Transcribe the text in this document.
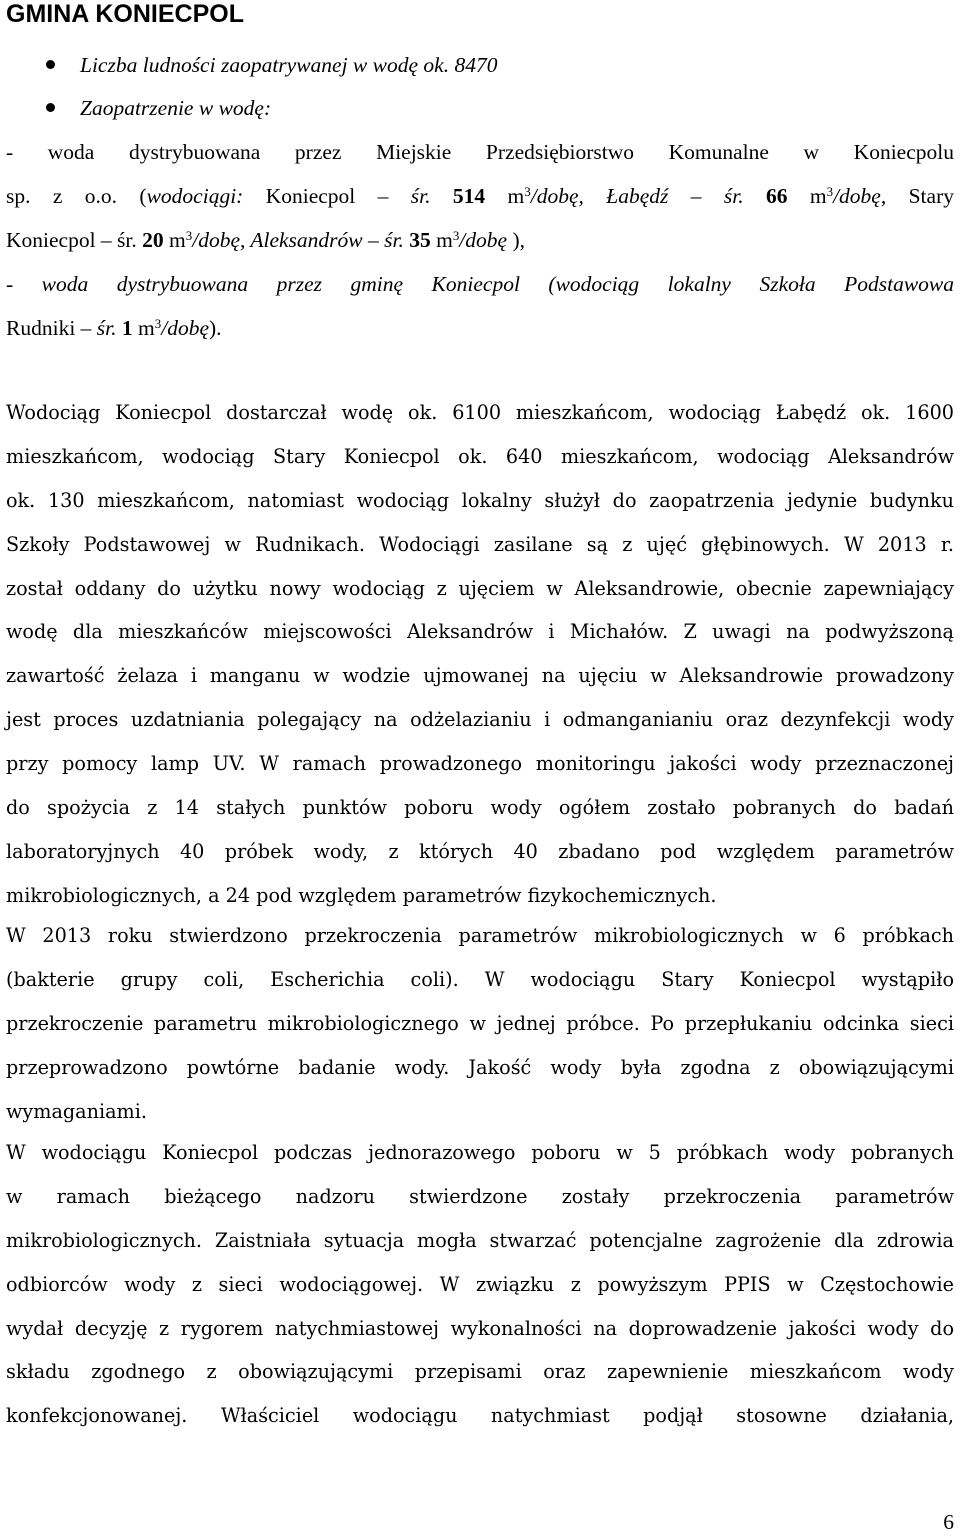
GMINA KONIECPOL
Liczba ludności zaopatrywanej w wodę ok. 8470
Zaopatrzenie w wodę:
- woda dystrybuowana przez Miejskie Przedsiębiorstwo Komunalne w Koniecpolu
sp. z o.o. (wodociągi: Koniecpol – śr. 514 $m^3$/dobę, Łabędź – śr. 66 $m^3$/dobę, Stary
Koniecpol – śr. 20 $m^3$/dobę, Aleksandrów – śr. 35 $m^3$/dobę ),
- woda dystrybuowana przez gminę Koniecpol (wodociąg lokalny Szkoła Podstawowa
Rudniki – śr. 1 $m^3/dobę$).
Wodociąg Koniecpol dostarczał wodę ok. 6100 mieszkańcom, wodociąg Łabędź ok. 1600
mieszkańcom, wodociąg Stary Koniecpol ok. 640 mieszkańcom, wodociąg Aleksandrów
ok. 130 mieszkańcom, natomiast wodociąg lokalny służył do zaopatrzenia jedynie budynku
Szkoły Podstawowej w Rudnikach. Wodociągi zasilane są z ujęć głębinowych. W 2013 r.
został oddany do użytku nowy wodociąg z ujęciem w Aleksandrowie, obecnie zapewniający
wodę dla mieszkańców miejscowości Aleksandrów i Michałów. Z uwagi na podwyższoną
zawartość żelaza i manganu w wodzie ujmowanej na ujęciu w Aleksandrowie prowadzony
jest proces uzdatniania polegający na odżelazianiu i odmanganianiu oraz dezynfekcji wody
przy pomocy lamp UV. W ramach prowadzonego monitoringu jakości wody przeznaczonej
do spożycia z 14 stałych punktów poboru wody ogółem zostało pobranych do badań
laboratoryjnych 40 próbek wody, z których 40 zbadano pod względem parametrów
mikrobiologicznych, a 24 pod względem parametrów fizykochemicznych.
W 2013 roku stwierdzono przekroczenia parametrów mikrobiologicznych w 6 próbkach
(bakterie grupy coli, Escherichia coli). W wodociągu Stary Koniecpol wystąpiło
przekroczenie parametru mikrobiologicznego w jednej próbce. Po przepłukaniu odcinka sieci
przeprowadzono powtórne badanie wody. Jakość wody była zgodna z obowiązującymi
wymaganiami.
W wodociągu Koniecpol podczas jednorazowego poboru w 5 próbkach wody pobranych
w ramach bieżącego nadzoru stwierdzone zostały przekroczenia parametrów
mikrobiologicznych. Zaistniała sytuacja mogła stwarzać potencjalne zagrożenie dla zdrowia
odbiorców wody z sieci wodociągowej. W związku z powyższym PPIS w Częstochowie
wydał decyzję z rygorem natychmiastowej wykonalności na doprowadzenie jakości wody do
składu zgodnego z obowiązującymi przepisami oraz zapewnienie mieszkańcom wody
konfekcjonowanej. Właściciel wodociągu natychmiast podjął stosowne działania,
6
